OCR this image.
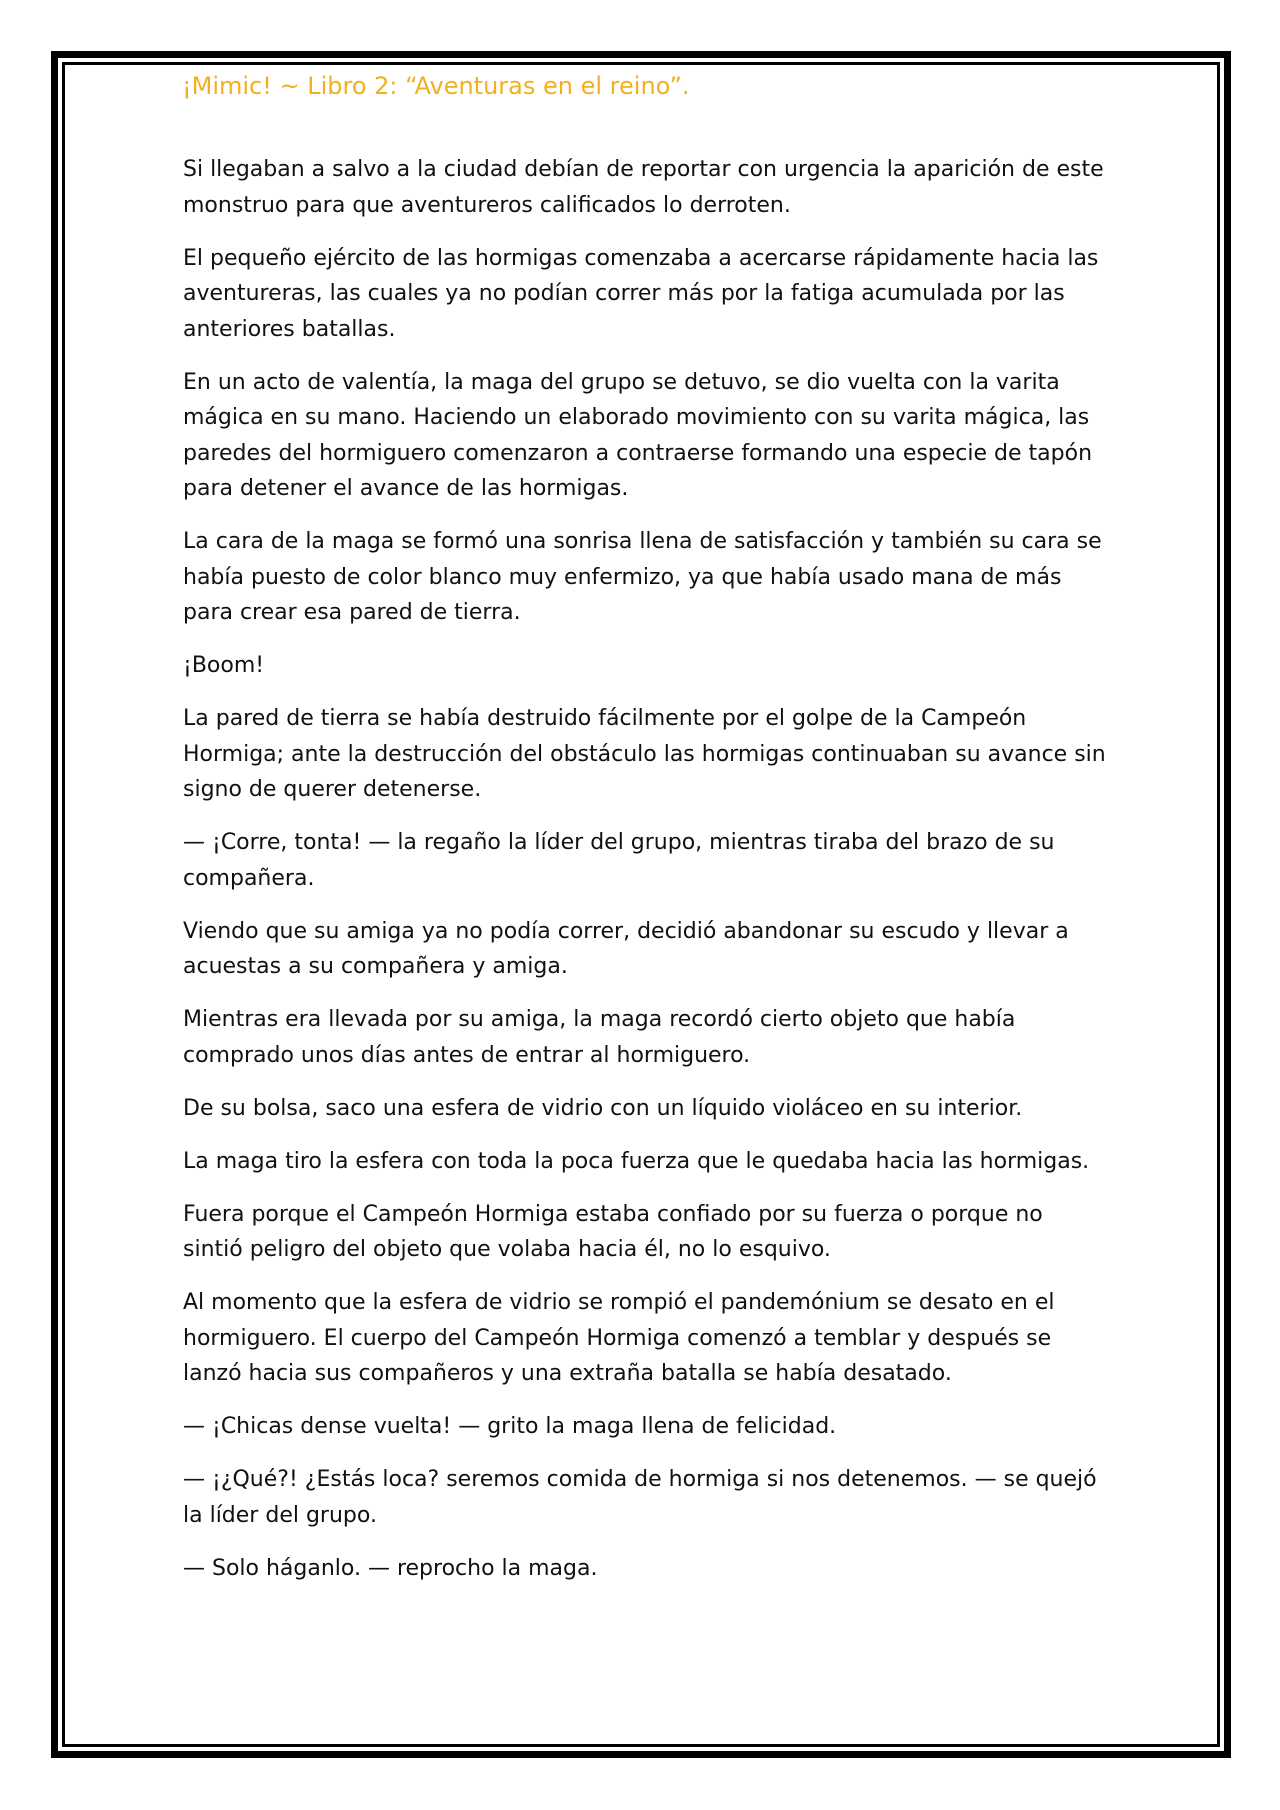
¡Mimic! ~ Libro 2: “Aventuras en el reino”.

Si llegaban a salvo a la ciudad debían de reportar con urgencia la aparición de este monstruo para que aventureros calificados lo derroten.

El pequeño ejército de las hormigas comenzaba a acercarse rápidamente hacia las aventureras, las cuales ya no podían correr más por la fatiga acumulada por las anteriores batallas.

En un acto de valentía, la maga del grupo se detuvo, se dio vuelta con la varita mágica en su mano. Haciendo un elaborado movimiento con su varita mágica, las paredes del hormiguero comenzaron a contraerse formando una especie de tapón para detener el avance de las hormigas.

La cara de la maga se formó una sonrisa llena de satisfacción y también su cara se había puesto de color blanco muy enfermizo, ya que había usado mana de más para crear esa pared de tierra.

¡Boom!

La pared de tierra se había destruido fácilmente por el golpe de la Campeón Hormiga; ante la destrucción del obstáculo las hormigas continuaban su avance sin signo de querer detenerse.

— ¡Corre, tonta! — la regaño la líder del grupo, mientras tiraba del brazo de su compañera.

Viendo que su amiga ya no podía correr, decidió abandonar su escudo y llevar a acuestas a su compañera y amiga.

Mientras era llevada por su amiga, la maga recordó cierto objeto que había comprado unos días antes de entrar al hormiguero.

De su bolsa, saco una esfera de vidrio con un líquido violáceo en su interior.

La maga tiro la esfera con toda la poca fuerza que le quedaba hacia las hormigas.

Fuera porque el Campeón Hormiga estaba confiado por su fuerza o porque no sintió peligro del objeto que volaba hacia él, no lo esquivo.

Al momento que la esfera de vidrio se rompió el pandemónium se desato en el hormiguero. El cuerpo del Campeón Hormiga comenzó a temblar y después se lanzó hacia sus compañeros y una extraña batalla se había desatado.

— ¡Chicas dense vuelta! — grito la maga llena de felicidad.

— ¡¿Qué?! ¿Estás loca? seremos comida de hormiga si nos detenemos. — se quejó la líder del grupo.

— Solo háganlo. — reprocho la maga.
